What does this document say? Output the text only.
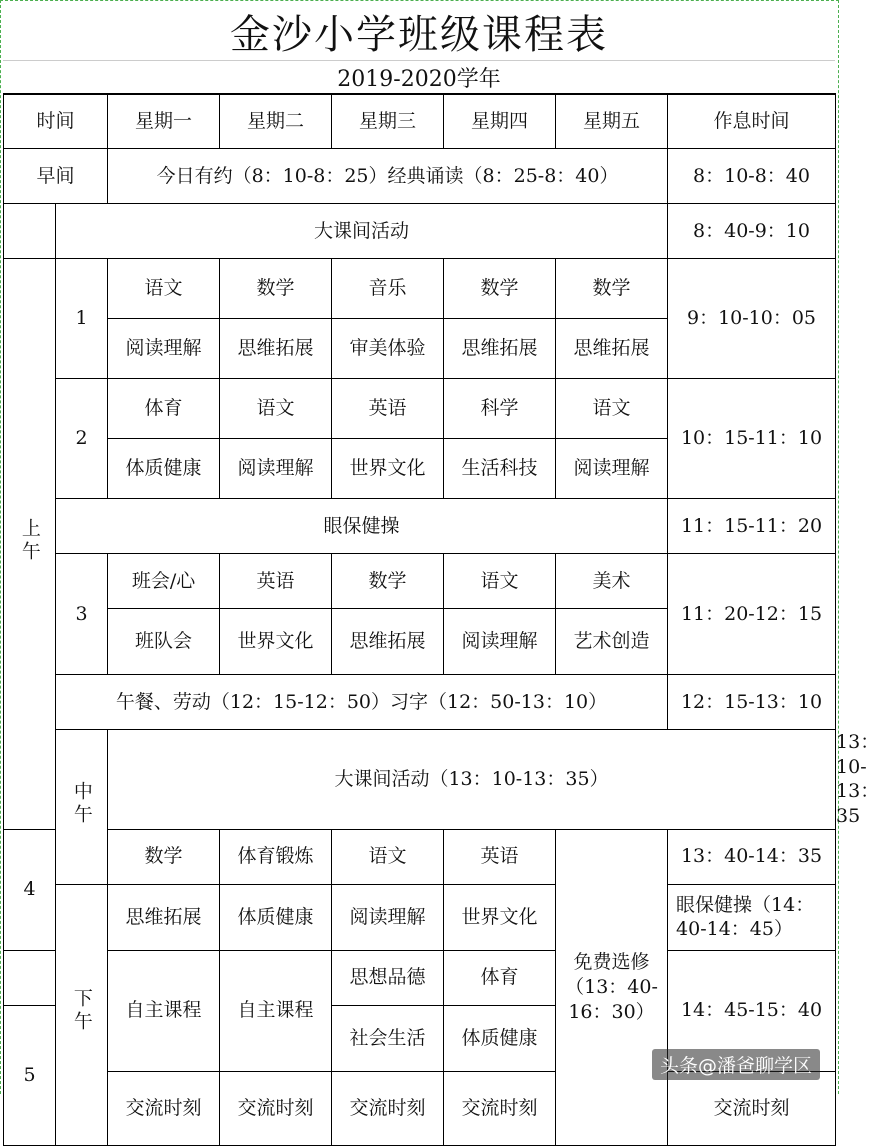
金沙小学班级课程表
2019-2020学年
时间		星期一	星期二	星期三	星期四	星期五	作息时间	
早间		今日有约（8：10-8：25）经典诵读（8：25-8：40）					8：10-8：40	
	大课间活动						8：40-9：10	
上午	1	语文	数学	音乐	数学	数学	9：10-10：05	
		阅读理解	思维拓展	审美体验	思维拓展	思维拓展		
	2	体育	语文	英语	科学	语文	10：15-11：10	
		体质健康	阅读理解	世界文化	生活科技	阅读理解		
	眼保健操						11：15-11：20	
	3	班会/心	英语	数学	语文	美术	11：20-12：15	
		班队会	世界文化	思维拓展	阅读理解	艺术创造		
	午餐、劳动（12：15-12：50）习字（12：50-13：10）						12：15-13：10	
	中午	大课间活动（13：10-13：35）						13：10-13：35
4		数学	体育锻炼	语文	英语	免费选修（13：40-16：30）	13：40-14：35	
	下午	思维拓展	体质健康	阅读理解	世界文化		眼保健操（14：40-14：45）	
		自主课程	自主课程	思想品德	体育		14：45-15：40	
5				社会生活	体质健康			
		交流时刻	交流时刻	交流时刻	交流时刻		交流时刻	
头条@潘爸聊学区
